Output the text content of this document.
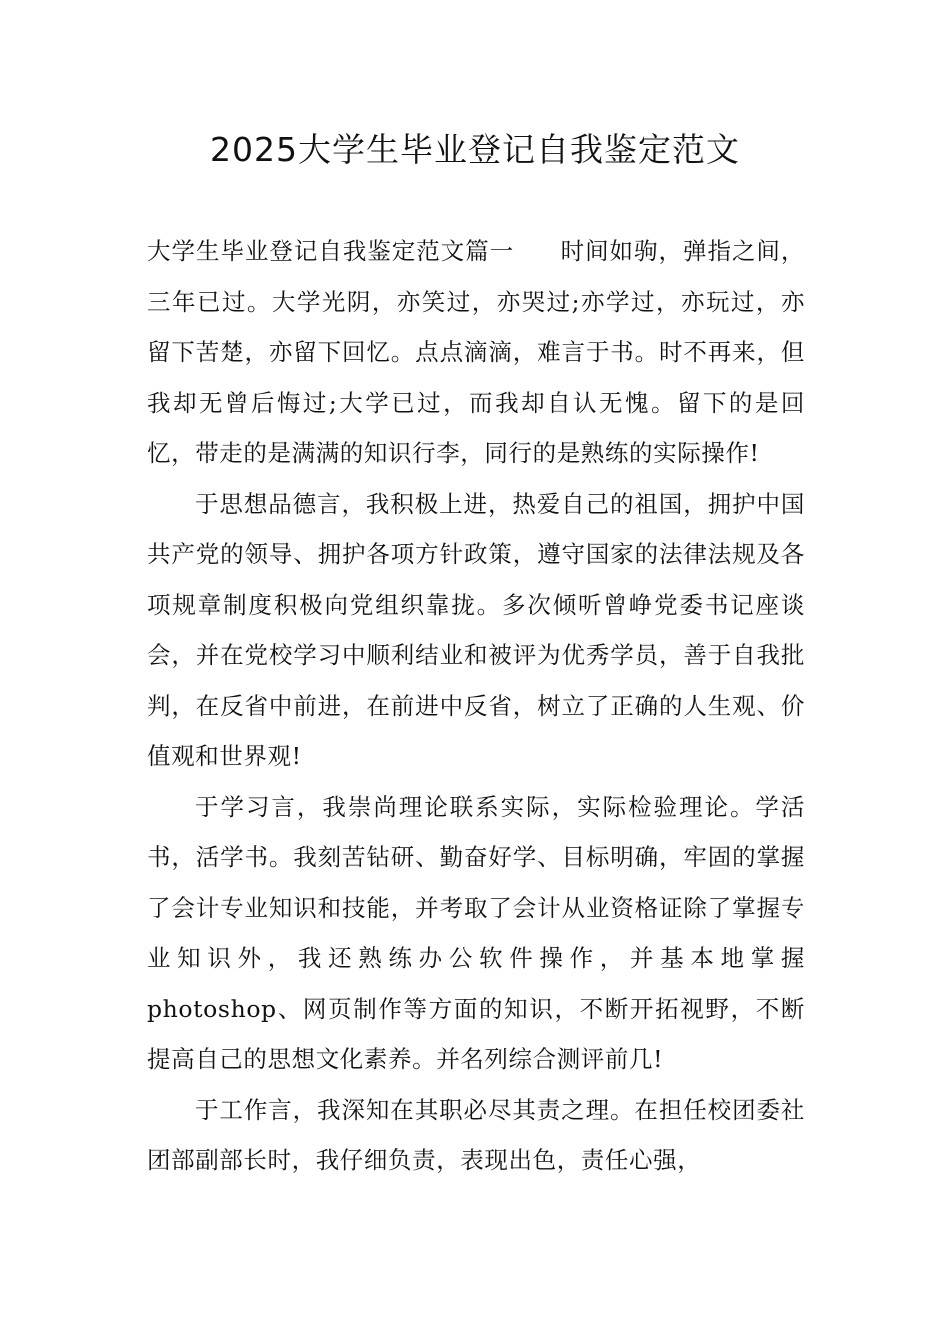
2025大学生毕业登记自我鉴定范文

大学生毕业登记自我鉴定范文篇一 时间如驹，弹指之间，三年已过。大学光阴，亦笑过，亦哭过;亦学过，亦玩过，亦留下苦楚，亦留下回忆。点点滴滴，难言于书。时不再来，但我却无曾后悔过;大学已过，而我却自认无愧。留下的是回忆，带走的是满满的知识行李，同行的是熟练的实际操作!

于思想品德言，我积极上进，热爱自己的祖国，拥护中国共产党的领导、拥护各项方针政策，遵守国家的法律法规及各项规章制度积极向党组织靠拢。多次倾听曾峥党委书记座谈会，并在党校学习中顺利结业和被评为优秀学员，善于自我批判，在反省中前进，在前进中反省，树立了正确的人生观、价值观和世界观!

于学习言，我崇尚理论联系实际，实际检验理论。学活书，活学书。我刻苦钻研、勤奋好学、目标明确，牢固的掌握了会计专业知识和技能，并考取了会计从业资格证除了掌握专业知识外，我还熟练办公软件操作，并基本地掌握photoshop、网页制作等方面的知识，不断开拓视野，不断提高自己的思想文化素养。并名列综合测评前几!

于工作言，我深知在其职必尽其责之理。在担任校团委社团部副部长时，我仔细负责，表现出色，责任心强，
